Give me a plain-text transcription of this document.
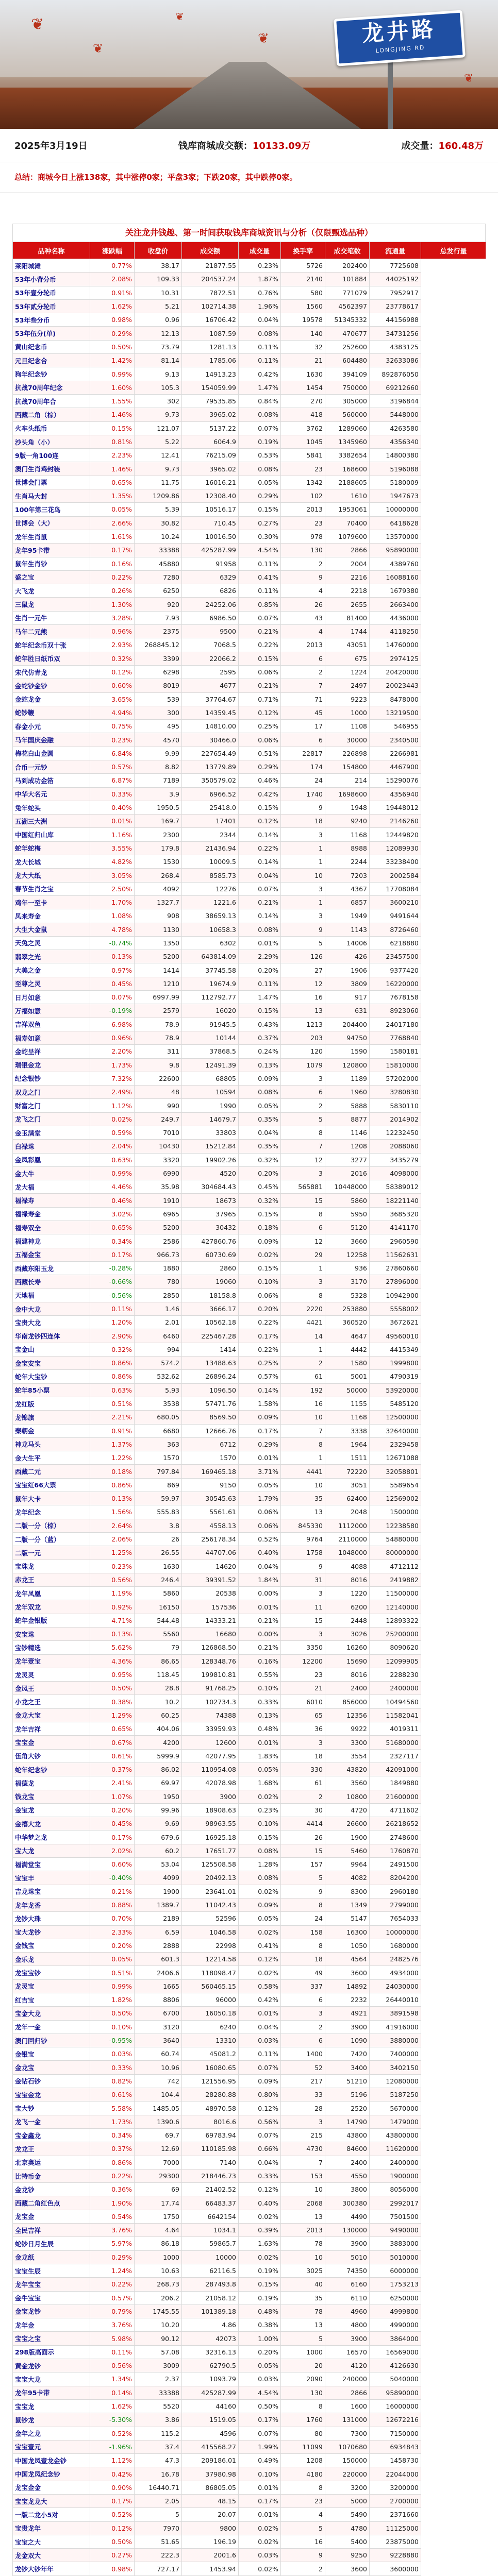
❦
❦
❦
❦
❦
龙井路
LONGJING RD
2025年3月19日	钱库商城成交额：10133.09万	成交量：160.48万
总结：商城今日上涨138家，其中涨停0家；平盘3家；下跌20家，其中跌停0家。
关注龙井钱趣、第一时间获取钱库商城资讯与分析（仅限甄选品种）
品种名称	涨跌幅	收盘价	成交额	成交量	换手率	成交笔数	流通量	总发行量
莱阳城滩	0.77%	38.17	21877.55	0.23%	5726	202400	7725608	
53年小背分币	2.08%	109.33	204537.24	1.87%	2140	101884	44025192	
53年壹分轮币	0.91%	10.31	7872.51	0.76%	580	771079	7952917	
53年贰分轮币	1.62%	5.21	102714.38	1.96%	1560	4562397	23778617	
53年叁分币	0.98%	0.96	16706.42	0.04%	19578	51345332	44156988	
53年伍分(单)	0.29%	12.13	1087.59	0.08%	140	470677	34731256	
黄山纪念币	0.50%	73.79	1281.13	0.11%	32	252600	4383125	
元旦纪念合	1.42%	81.14	1785.06	0.11%	21	604480	32633086	
狗年纪念钞	0.99%	9.13	14913.23	0.42%	1630	394109	892876050	
抗战70周年纪念	1.60%	105.3	154059.99	1.47%	1454	750000	69212660	
抗战70周年合	1.55%	302	79535.85	0.84%	270	305000	3196844	
西藏二角（棕）	1.46%	9.73	3965.02	0.08%	418	560000	5448000	
火车头纸币	0.15%	121.07	5137.22	0.07%	3762	1289060	4263580	
沙头角（小）	0.81%	5.22	6064.9	0.19%	1045	1345960	4356340	
9版一角100连	2.23%	12.41	76215.09	0.53%	5841	3382654	14800380	
澳门生肖鸡封装	1.46%	9.73	3965.02	0.08%	23	168600	5196088	
世博会门票	0.65%	11.75	16016.21	0.05%	1342	2188605	5180009	
生肖马大封	1.35%	1209.86	12308.40	0.29%	102	1610	1947673	
100年第三花鸟	0.05%	5.39	10516.17	0.15%	2013	1953061	10000000	
世博会（大）	2.66%	30.82	710.45	0.27%	23	70400	6418628	
龙年生肖鼠	1.61%	10.24	10016.50	0.30%	978	1079600	13570000	
龙年95卡带	0.17%	33388	425287.99	4.54%	130	2866	95890000	
鼠年生肖钞	0.16%	45880	91958	0.11%	2	2004	4389760	
盛之宝	0.22%	7280	6329	0.41%	9	2216	16088160	
大飞龙	0.26%	6250	6826	0.11%	4	2218	1679380	
三鼠龙	1.30%	920	24252.06	0.85%	26	2655	2663400	
生肖一元牛	3.28%	7.93	6986.50	0.07%	43	81400	4436000	
马年二元熊	0.96%	2375	9500	0.21%	4	1744	4118250	
蛇年纪念币双十张	2.93%	268845.12	7068.5	0.22%	2013	43051	14760000	
蛇年胜日纸币双	0.32%	3399	22066.2	0.15%	6	675	2974125	
宋代仿青龙	0.12%	6298	2595	0.06%	2	1224	20420000	
金蛇钞金钞	0.60%	8019	4677	0.21%	7	2497	20023443	
金蛇龙金	3.65%	539	37764.67	0.71%	71	9223	8478000	
蛇钞鞭	4.94%	300	14359.45	0.12%	45	1000	13219500	
春金小元	0.75%	495	14810.00	0.25%	17	1108	546955	
马年国庆金融	0.23%	4570	30466.0	0.06%	6	30000	2340500	
梅花白山金圆	6.84%	9.99	227654.49	0.51%	22817	226898	2266981	
合币一元钞	0.57%	8.82	13779.89	0.29%	174	154800	4467900	
马到成功金箔	6.87%	7189	350579.02	0.46%	24	214	15290076	
中华大名元	0.33%	3.9	6966.52	0.42%	1740	1698600	4356940	
兔年蛇头	0.40%	1950.5	25418.0	0.15%	9	1948	19448012	
五湖三大洲	0.01%	169.7	17401	0.12%	18	9240	2146260	
中国红归山库	1.16%	2300	2344	0.14%	3	1168	12449820	
蛇年蛇梅	3.55%	179.8	21436.94	0.22%	1	8988	12089930	
龙大长城	4.82%	1530	10009.5	0.14%	1	2244	33238400	
龙大大纸	3.05%	268.4	8585.73	0.04%	10	7203	2002584	
春节生肖之宝	2.50%	4092	12276	0.07%	3	4367	17708084	
鸡年一至卡	1.70%	1327.7	1221.6	0.21%	1	6857	3600210	
凤来寿金	1.08%	908	38659.13	0.14%	3	1949	9491644	
大生大金鼠	4.78%	1130	10658.3	0.08%	9	1143	8726460	
天兔之灵	-0.74%	1350	6302	0.01%	5	14006	6218880	
翡翠之光	0.13%	5200	643814.09	2.29%	126	426	23457500	
大美之金	0.97%	1414	37745.58	0.20%	27	1906	9377420	
至尊之灵	0.45%	1210	19674.9	0.11%	12	3809	16220000	
日月如意	0.07%	6997.99	112792.77	1.47%	16	917	7678158	
万福如意	-0.19%	2579	16020	0.15%	13	631	8923060	
吉祥双鱼	6.98%	78.9	91945.5	0.43%	1213	204400	24017180	
福寿如意	0.96%	78.9	10144	0.37%	203	94750	7768840	
金蛇呈祥	2.20%	311	37868.5	0.24%	120	1590	1580181	
瑞银金龙	1.73%	9.8	12491.39	0.13%	1079	120800	15810000	
纪念银钞	7.32%	22600	68805	0.09%	3	1189	57202000	
双龙之门	2.49%	48	10594	0.08%	6	1960	3280830	
财富之门	1.12%	990	1990	0.05%	2	5888	5830110	
龙飞之门	0.02%	249.7	14679.7	0.35%	5	8877	2014902	
金玉满堂	0.59%	7010	33803	0.04%	8	1146	12232450	
白禄珠	2.04%	10430	15212.84	0.35%	7	1208	2088060	
金凤彩凰	0.63%	3320	19902.26	0.32%	12	3277	3435279	
金大牛	0.99%	6990	4520	0.20%	3	2016	4098000	
龙大福	4.46%	35.98	304684.43	0.45%	565881	10448000	58389012	
福禄寿	0.46%	1910	18673	0.32%	15	5860	18221140	
福禄寿金	3.02%	6965	37965	0.15%	8	5950	3685320	
福寿双全	0.65%	5200	30432	0.18%	6	5120	4141170	
福建神龙	0.34%	2586	427860.76	0.09%	12	3660	2960590	
五福金宝	0.17%	966.73	60730.69	0.02%	29	12258	11562631	
西藏东阳玉龙	-0.28%	1880	2860	0.15%	1	936	27860660	
西藏长寿	-0.66%	780	19060	0.10%	3	3170	27896000	
天地福	-0.56%	2850	18158.8	0.06%	8	5328	10942900	
金中大龙	0.11%	1.46	3666.17	0.20%	2220	253880	5558002	
宝贵大龙	1.20%	2.01	10562.18	0.22%	4421	360520	3672621	
华南龙钞四连体	2.90%	6460	225467.28	0.17%	14	4647	49560010	
宝金山	0.32%	994	1414	0.22%	1	4442	4415349	
金宝安宝	0.86%	574.2	13488.63	0.25%	2	1580	1999800	
蛇年大宝钞	0.86%	532.62	26896.24	0.57%	61	5001	4790319	
蛇年85小票	0.63%	5.93	1096.50	0.14%	192	50000	53920000	
龙红版	0.51%	3538	57471.76	1.58%	16	1155	5485120	
龙锦旗	2.21%	680.05	8569.50	0.09%	10	1168	12500000	
秦朝金	0.91%	6680	12666.76	0.17%	7	3338	32640000	
神龙马头	1.37%	363	6712	0.29%	8	1964	2329458	
金大生平	1.22%	1570	1570	0.01%	1	1511	12671088	
西藏二元	0.18%	797.84	169465.18	3.71%	4441	72220	32058801	
宝宝红66大票	0.86%	869	9150	0.05%	10	3051	5589654	
鼠年大卡	0.13%	59.97	30545.63	1.79%	35	62400	12569002	
龙年纪念	1.56%	555.83	5561.61	0.06%	13	2048	1500000	
二版一分（棕）	2.64%	3.8	4558.13	0.06%	845330	1112000	12238580	
二版一分（蓝）	2.06%	26	256178.34	0.52%	9764	2110000	54880000	
二版一元	1.25%	26.55	44707.06	0.40%	1758	1048000	80000000	
宝珠龙	0.23%	1630	14620	0.04%	9	4088	4712112	
赤龙王	0.56%	246.4	39391.52	1.84%	31	8016	2419882	
龙年凤凰	1.19%	5860	20538	0.00%	3	1220	11500000	
龙年双龙	0.92%	16150	157536	0.01%	11	6200	12140000	
蛇年金银版	4.71%	544.48	14333.21	0.21%	15	2448	12893322	
安宝珠	0.13%	5560	16680	0.00%	3	3026	25200000	
宝钞精选	5.62%	79	126868.50	0.21%	3350	16260	8090620	
龙年壹宝	4.36%	86.65	128348.76	0.16%	12200	15690	12099905	
龙灵灵	0.95%	118.45	199810.81	0.55%	23	8016	2288230	
金凤王	0.50%	28.8	91768.25	0.10%	21	2400	2400000	
小龙之王	0.38%	10.2	102734.3	0.33%	6010	856000	10494560	
金龙大宝	1.29%	60.25	74388	0.13%	65	12356	11582041	
龙年吉祥	0.65%	404.06	33959.93	0.48%	36	9922	4019311	
宝宝金	0.67%	4200	12600	0.01%	3	3300	51680000	
伍角大钞	0.61%	5999.9	42077.95	1.83%	18	3554	2327117	
蛇年纪念钞	0.37%	86.02	110954.08	0.05%	330	43820	42091000	
福德龙	2.41%	69.97	42078.98	1.68%	61	3560	1849880	
钱龙宝	1.07%	1950	3900	0.02%	2	10800	21600000	
金宝龙	0.20%	99.96	18908.63	0.23%	30	4720	4711602	
金禧大龙	0.45%	9.69	98963.55	0.10%	4414	26600	26218652	
中华梦之龙	0.17%	679.6	16925.18	0.15%	26	1900	2748600	
宝大龙	2.02%	60.2	17651.77	0.08%	15	5460	1760870	
福满堂宝	0.60%	53.04	125508.58	1.28%	157	9964	2491500	
宝宝丰	-0.40%	4099	20492.13	0.08%	5	4082	8204200	
吉龙珠宝	0.21%	1900	23641.01	0.02%	9	8300	2960180	
龙年龙香	0.88%	1389.7	11042.43	0.09%	8	1349	2799000	
龙钞大珠	0.70%	2189	52596	0.05%	24	5147	7654033	
宝大龙钞	2.33%	6.59	1046.58	0.02%	158	16300	10000000	
金钱宝	0.20%	2888	22998	0.41%	8	1050	1680000	
金乐龙	0.05%	601.3	12214.58	0.12%	18	4564	2482576	
龙宝宝钞	0.51%	2406.6	118098.47	0.02%	49	3600	4934000	
龙灵宝	0.99%	1665	560465.15	0.58%	337	14892	24030000	
红吉宝	1.82%	8806	96000	0.42%	6	2232	26440010	
宝金大龙	0.50%	6700	16050.18	0.01%	3	4921	3891598	
龙年一金	0.10%	3120	6240	0.04%	2	3900	41916000	
澳门回归钞	-0.95%	3640	13310	0.03%	6	1090	3880000	
金银宝	0.03%	60.74	45081.2	0.11%	1400	7420	7400000	
金龙宝	0.33%	10.96	16080.65	0.07%	52	3400	3402150	
金钻石钞	0.82%	742	121556.95	0.09%	217	51210	12080000	
宝宝金龙	0.61%	104.4	28280.88	0.80%	33	5196	5187250	
宝大钞	5.58%	1485.05	48970.58	0.12%	28	2520	5670000	
龙飞一金	1.73%	1390.6	8016.6	0.56%	3	14790	1479000	
宝金鑫龙	0.34%	69.7	69783.94	0.07%	215	43800	43800000	
龙龙王	0.37%	12.69	110185.98	0.66%	4730	84600	11620000	
北京奥运	0.86%	7000	7140	0.04%	7	2400	2400000	
比特币金	0.22%	29300	218446.73	0.33%	153	4550	1900000	
金龙钞	0.36%	69	21402.52	0.12%	10	3800	8056000	
西藏二角红色点	1.90%	17.74	66483.37	0.40%	2068	300380	2992017	
龙宝金	0.54%	1750	6642154	0.02%	13	4490	7501500	
全民吉祥	3.76%	4.64	1034.1	0.39%	2013	130000	9490000	
蛇钞日月生辰	5.97%	86.18	59865.7	1.63%	78	3900	3883000	
金龙纸	0.29%	1000	10000	0.02%	10	5010	5010000	
宝宝生辰	1.24%	10.63	62116.5	0.19%	3025	74350	6000000	
龙年宝宝	0.22%	268.73	287493.8	0.15%	40	6160	1753213	
金牛宝宝	0.57%	206.2	21058.12	0.19%	35	6110	6250000	
金宝龙钞	0.79%	1745.55	101389.18	0.48%	78	4960	4999800	
龙年金	3.76%	10.20	4.86	0.38%	13	4800	4990000	
宝宝之宝	5.98%	90.12	42073	1.00%	5	3900	3864000	
298版高面示	0.11%	57.08	32316.13	0.20%	1000	16570	16569000	
黄金龙钞	0.56%	3009	62790.5	0.05%	20	4120	4126630	
宝宝大龙	1.34%	2.37	1093.79	0.03%	2090	240000	5040000	
龙年95卡带	0.14%	33388	425287.99	4.54%	130	2866	95890000	
宝宝龙	1.62%	5520	44160	0.50%	8	1600	16000000	
鼠钞龙	-5.30%	3.86	1519.05	0.17%	1760	131000	12672216	
金年之龙	0.52%	115.2	4596	0.07%	80	7300	7150000	
宝宝壹元	-1.96%	37.4	415568.27	1.99%	11099	1070680	6934843	
中国龙凤壹龙金钞	1.12%	47.3	209186.01	0.49%	1208	150000	1458730	
中国龙凤纪念钞	0.42%	16.78	37980.98	0.10%	4180	220000	22044000	
龙宝金金	0.90%	16440.71	86805.05	0.01%	8	3200	3200000	
宝宝龙龙大	0.17%	2.05	48.15	0.17%	23	5000	2700000	
一版二龙小5对	0.52%	5	20.07	0.01%	4	5490	2371660	
宝贵龙年	0.12%	7970	9800	0.02%	5	4780	11125000	
宝宝之大	0.50%	51.65	196.19	0.02%	16	5400	23875000	
龙金双大	0.27%	222.3	2001.6	0.03%	9	9250	9228880	
龙钞大钞年年	0.98%	727.17	1453.94	0.02%	2	3600	3600000	
